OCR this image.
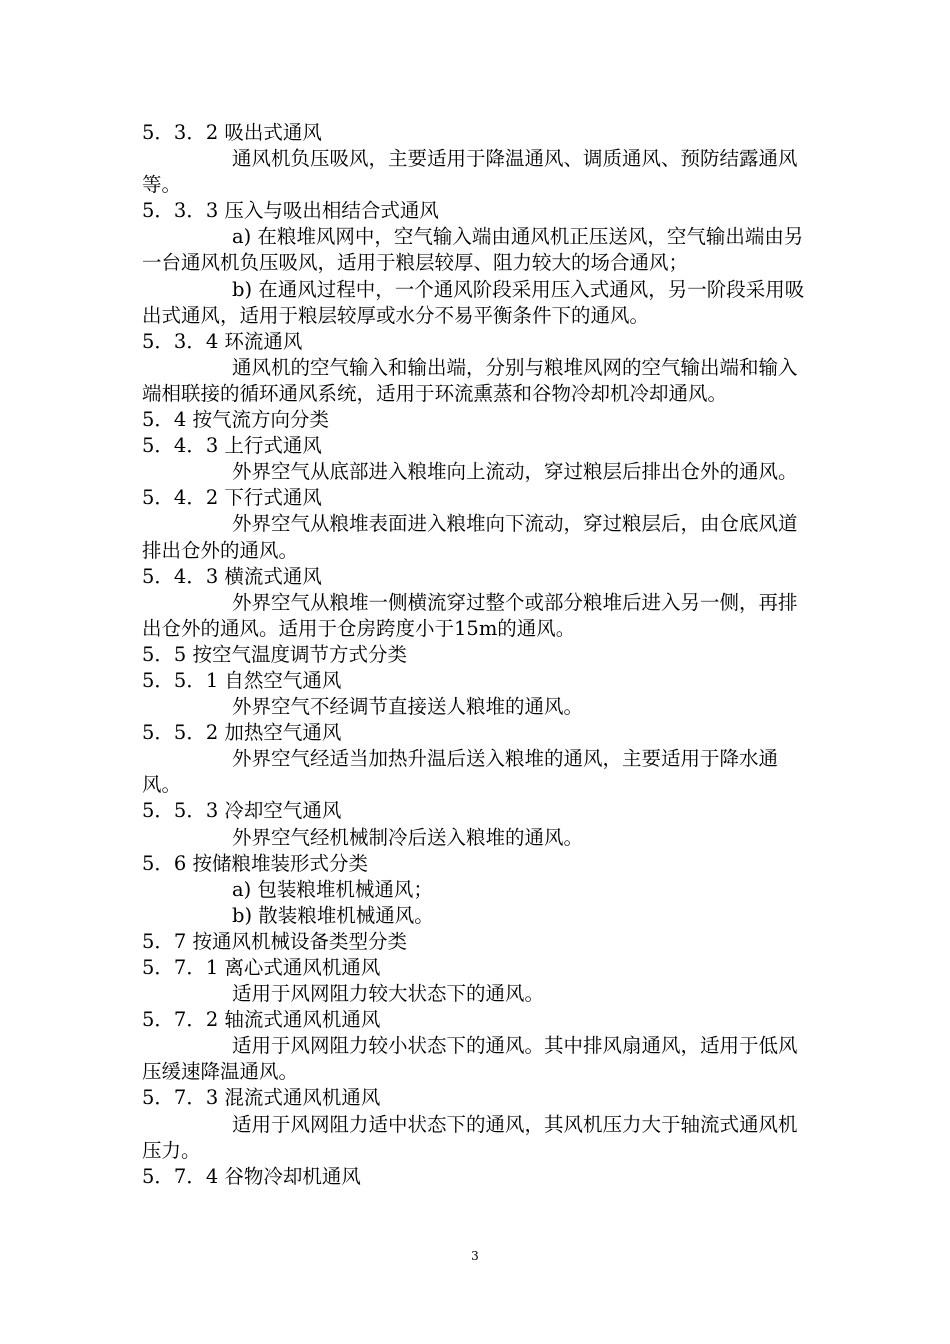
5．3．2 吸出式通风
通风机负压吸风，主要适用于降温通风、调质通风、预防结露通风等。
5．3．3 压入与吸出相结合式通风
a) 在粮堆风网中，空气输入端由通风机正压送风，空气输出端由另一台通风机负压吸风，适用于粮层较厚、阻力较大的场合通风；
b) 在通风过程中，一个通风阶段采用压入式通风，另一阶段采用吸出式通风，适用于粮层较厚或水分不易平衡条件下的通风。
5．3．4 环流通风
通风机的空气输入和输出端，分别与粮堆风网的空气输出端和输入端相联接的循环通风系统，适用于环流熏蒸和谷物冷却机冷却通风。
5．4 按气流方向分类
5．4．3 上行式通风
外界空气从底部进入粮堆向上流动，穿过粮层后排出仓外的通风。
5．4．2 下行式通风
外界空气从粮堆表面进入粮堆向下流动，穿过粮层后，由仓底风道排出仓外的通风。
5．4．3 横流式通风
外界空气从粮堆一侧横流穿过整个或部分粮堆后进入另一侧，再排出仓外的通风。适用于仓房跨度小于15m的通风。
5．5 按空气温度调节方式分类
5．5．1 自然空气通风
外界空气不经调节直接送人粮堆的通风。
5．5．2 加热空气通风
外界空气经适当加热升温后送入粮堆的通风，主要适用于降水通风。
5．5．3 冷却空气通风
外界空气经机械制冷后送入粮堆的通风。
5．6 按储粮堆装形式分类
a) 包装粮堆机械通风；
b) 散装粮堆机械通风。
5．7 按通风机械设备类型分类
5．7．1 离心式通风机通风
适用于风网阻力较大状态下的通风。
5．7．2 轴流式通风机通风
适用于风网阻力较小状态下的通风。其中排风扇通风，适用于低风压缓速降温通风。
5．7．3 混流式通风机通风
适用于风网阻力适中状态下的通风，其风机压力大于轴流式通风机压力。
5．7．4 谷物冷却机通风
3
